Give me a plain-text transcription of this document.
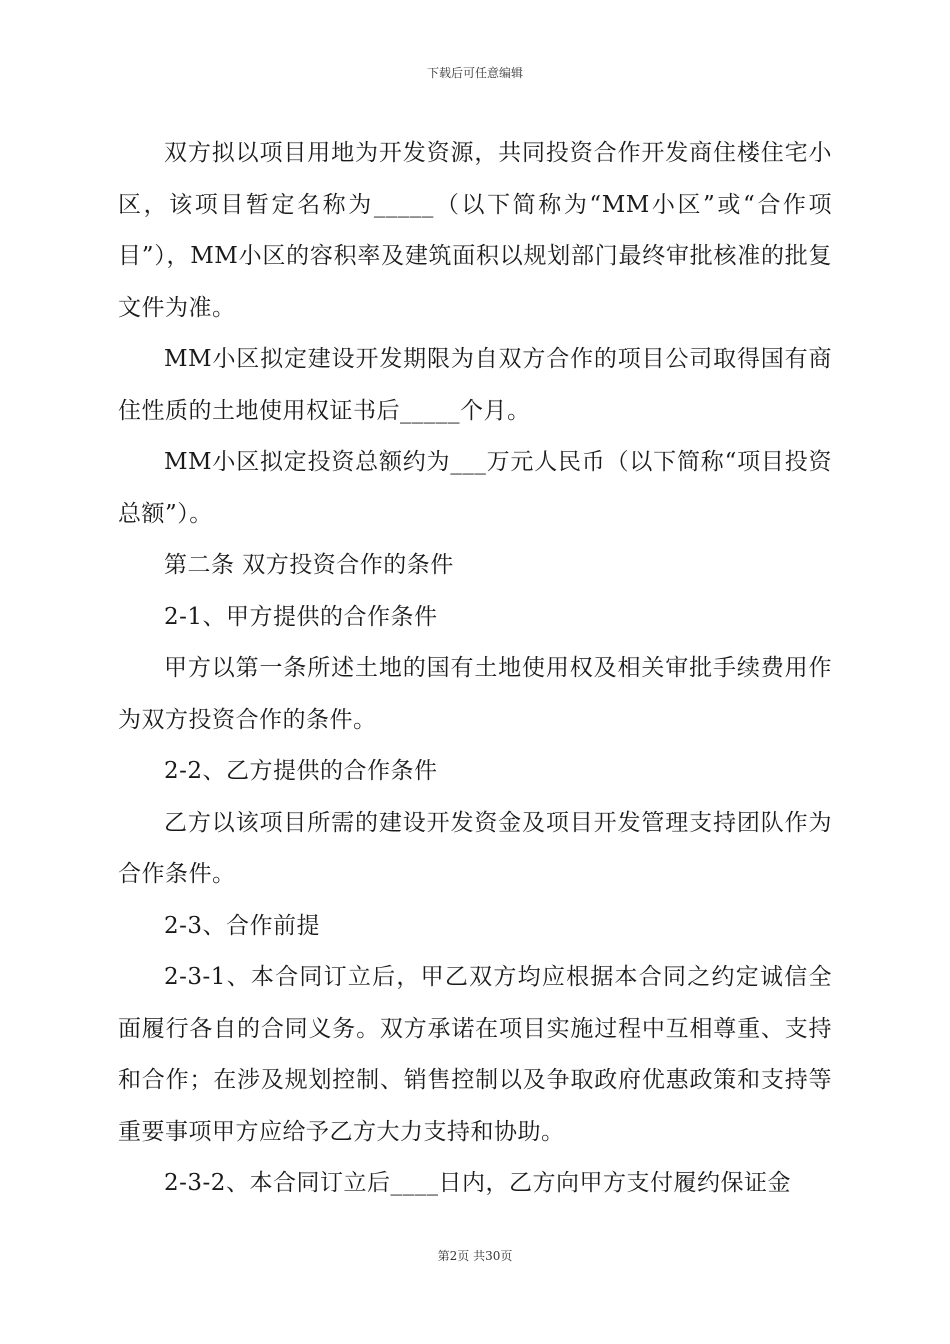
下载后可任意编辑

双方拟以项目用地为开发资源，共同投资合作开发商住楼住宅小区，该项目暂定名称为_____（以下简称为“MM小区”或“合作项目”），MM小区的容积率及建筑面积以规划部门最终审批核准的批复文件为准。

MM小区拟定建设开发期限为自双方合作的项目公司取得国有商住性质的土地使用权证书后_____个月。

MM小区拟定投资总额约为___万元人民币（以下简称“项目投资总额”）。

第二条 双方投资合作的条件

2-1、甲方提供的合作条件

甲方以第一条所述土地的国有土地使用权及相关审批手续费用作为双方投资合作的条件。

2-2、乙方提供的合作条件

乙方以该项目所需的建设开发资金及项目开发管理支持团队作为合作条件。

2-3、合作前提

2-3-1、本合同订立后，甲乙双方均应根据本合同之约定诚信全面履行各自的合同义务。双方承诺在项目实施过程中互相尊重、支持和合作；在涉及规划控制、销售控制以及争取政府优惠政策和支持等重要事项甲方应给予乙方大力支持和协助。

2-3-2、本合同订立后____日内，乙方向甲方支付履约保证金

第2页 共30页
